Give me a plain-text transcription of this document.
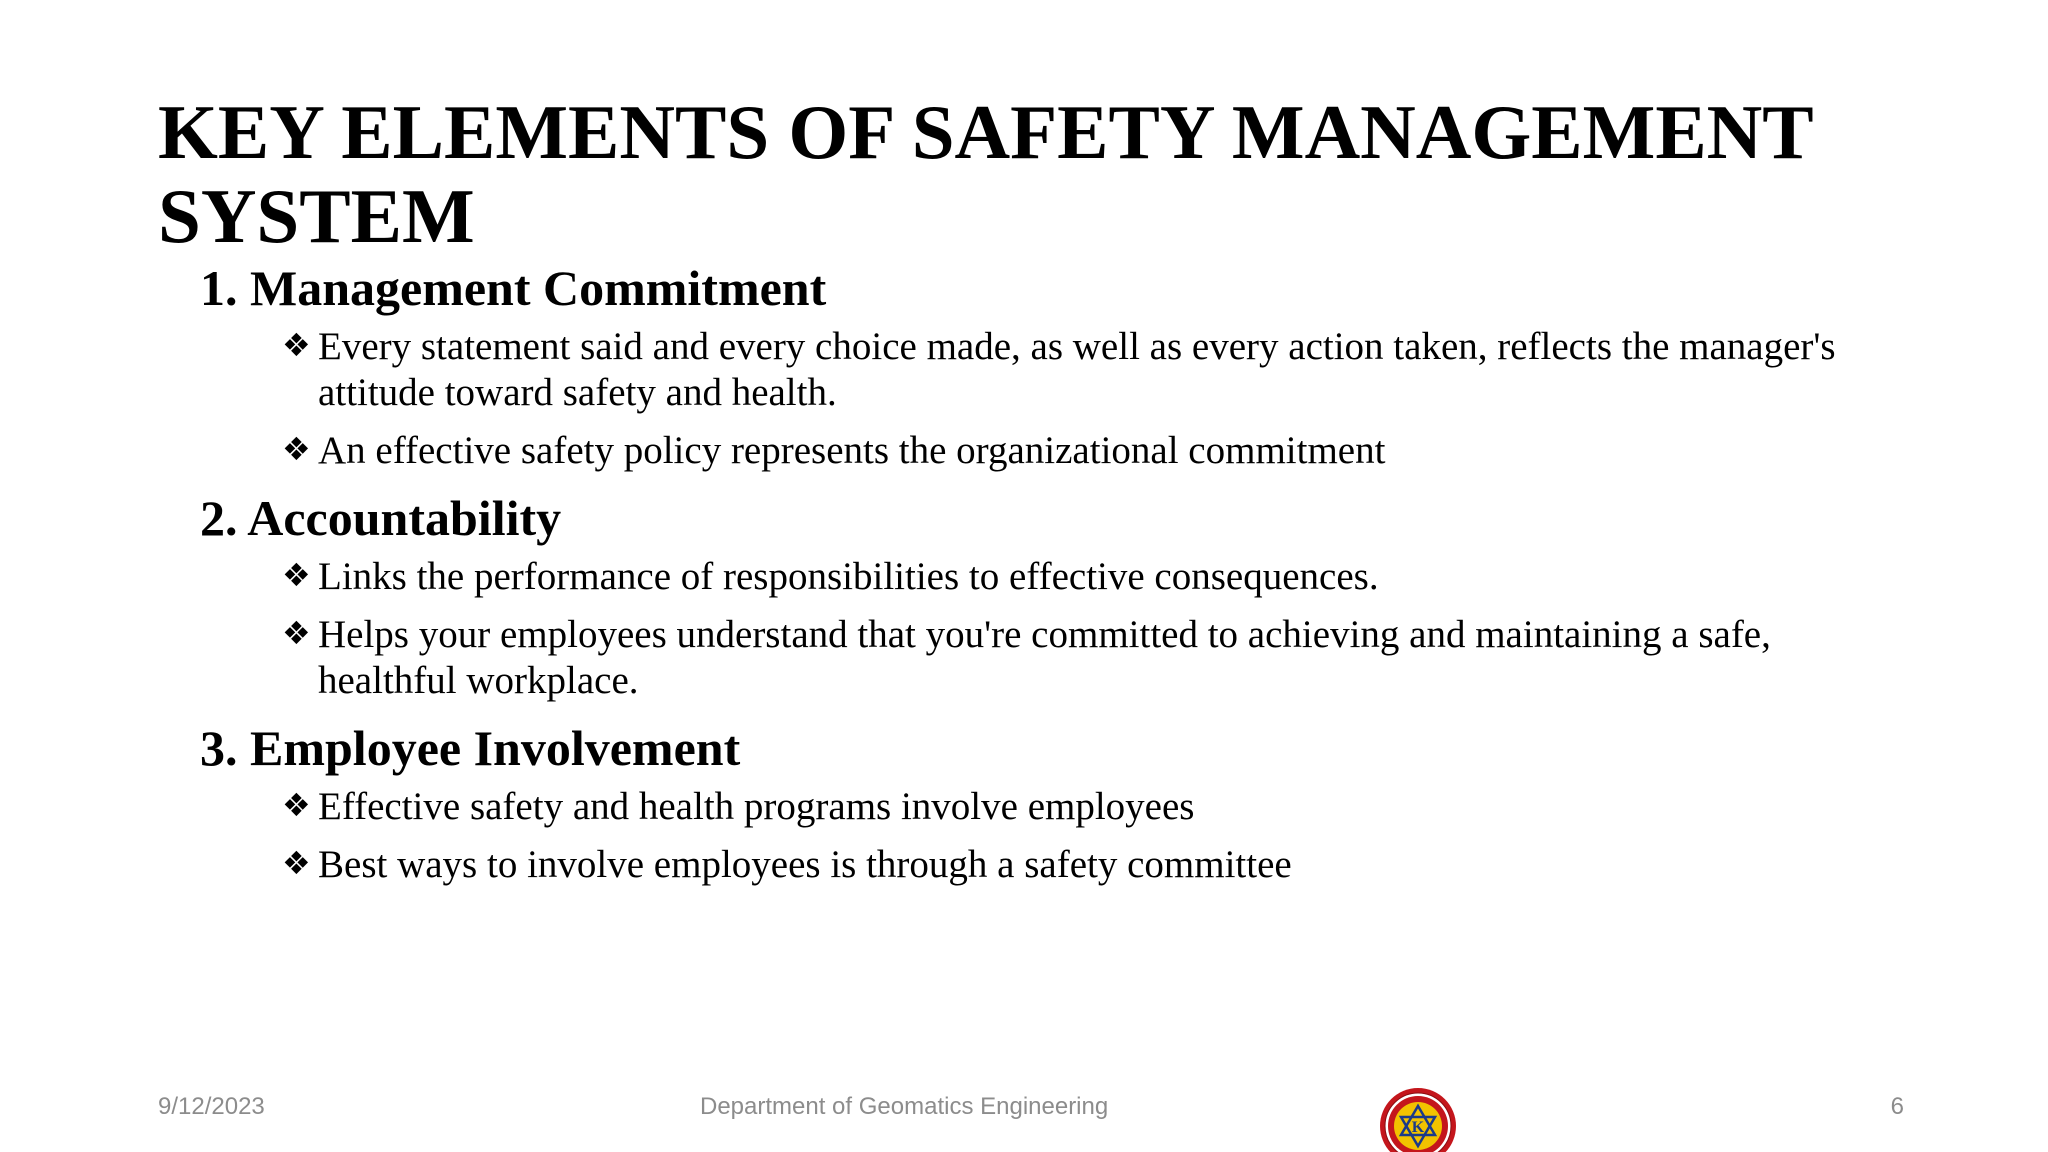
KEY ELEMENTS OF SAFETY MANAGEMENT SYSTEM
1. Management Commitment
❖ Every statement said and every choice made, as well as every action taken, reflects the manager's attitude toward safety and health.
❖ An effective safety policy represents the organizational commitment
2. Accountability
❖ Links the performance of responsibilities to effective consequences.
❖ Helps your employees understand that you're committed to achieving and maintaining a safe, healthful workplace.
3. Employee Involvement
❖ Effective safety and health programs involve employees
❖ Best ways to involve employees is through a safety committee
9/12/2023	Department of Geomatics Engineering	6
K
